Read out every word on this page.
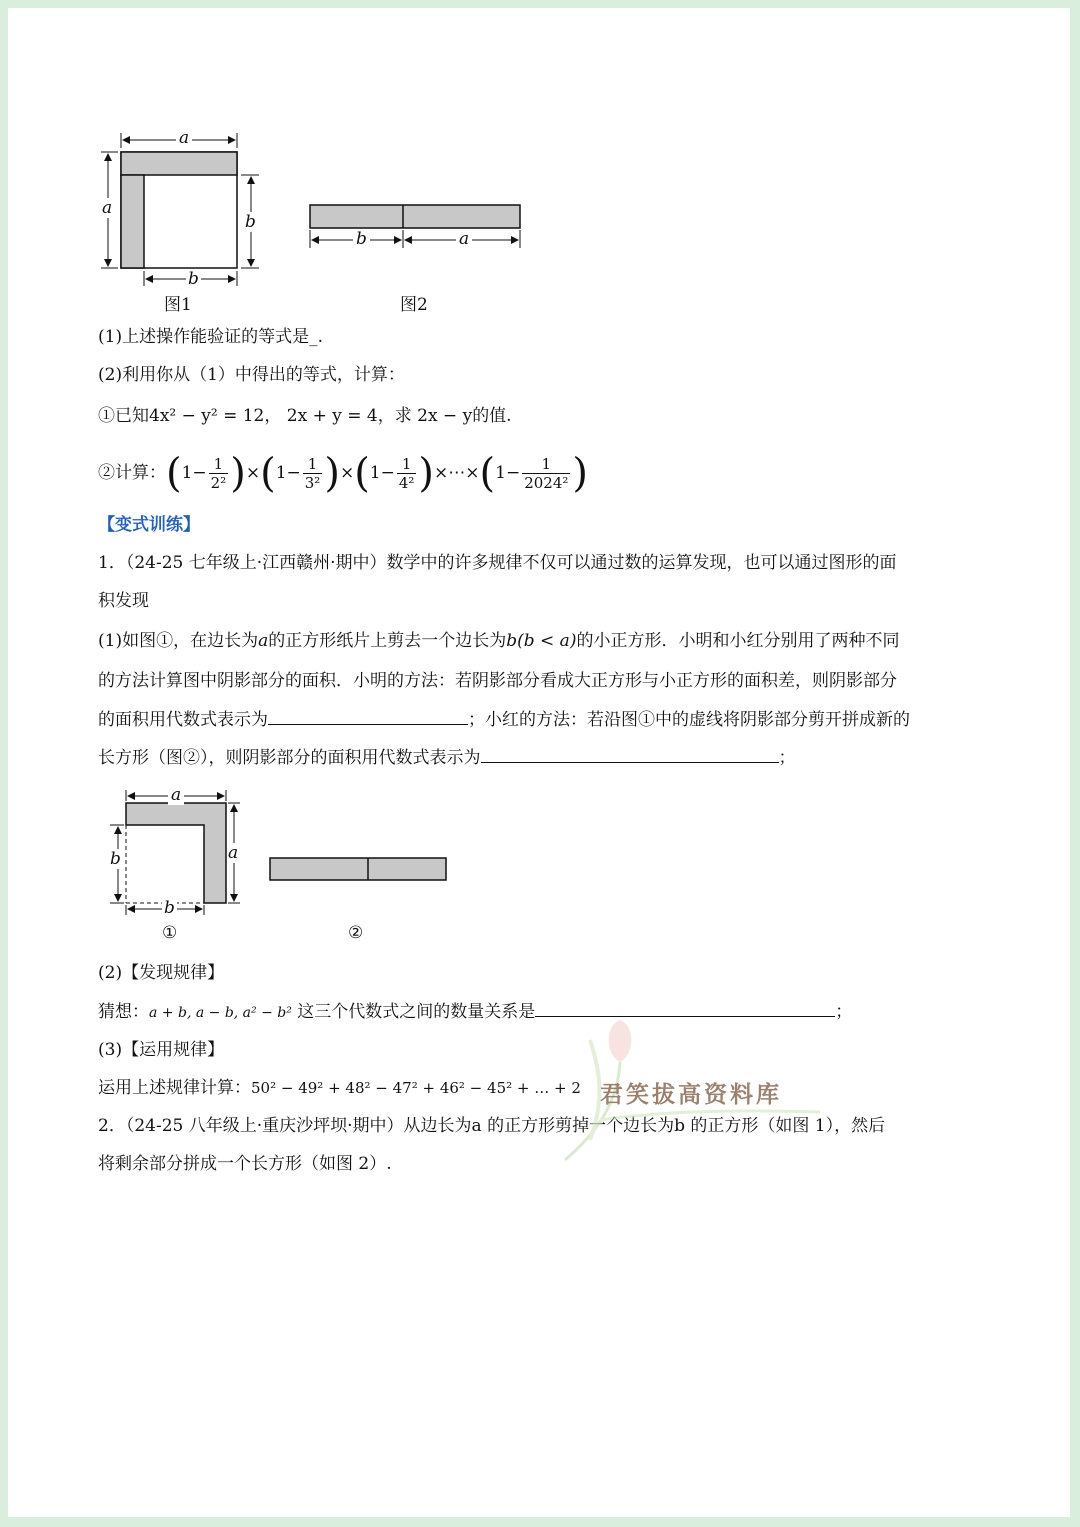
a
a
b
b
图1
b	a
图2
(1)上述操作能验证的等式是_.
(2)利用你从（1）中得出的等式，计算：
①已知4x² − y² = 12， 2x + y = 4，求 2x − y的值.
②计算：$(1- \frac{1}{\text{2²}} )\times(1- \frac{1}{\text{3²}} )\times(1- \frac{1}{\text{4²}}$ )×⋯×(1− $\frac{1}{\text{2024²}}$ )
【变式训练】
1．（24-25 七年级上·江西赣州·期中）数学中的许多规律不仅可以通过数的运算发现，也可以通过图形的面
积发现
(1)如图①，在边长为a的正方形纸片上剪去一个边长为b(b < a)的小正方形．小明和小红分别用了两种不同
的方法计算图中阴影部分的面积．小明的方法：若阴影部分看成大正方形与小正方形的面积差，则阴影部分
的面积用代数式表示为	；小红的方法：若沿图①中的虚线将阴影部分剪开拼成新的
长方形（图②），则阴影部分的面积用代数式表示为	；
a
b	a
b
①	②
(2)【发现规律】
猜想：a + b, a − b, a² − b² 这三个代数式之间的数量关系是	；
(3)【运用规律】
运用上述规律计算：50² − 49² + 48² − 47² + 46² − 45² + … + 2
2．（24-25 八年级上·重庆沙坪坝·期中）从边长为a 的正方形剪掉一个边长为b 的正方形（如图 1），然后
将剩余部分拼成一个长方形（如图 2）.
君笑拔高资料库
